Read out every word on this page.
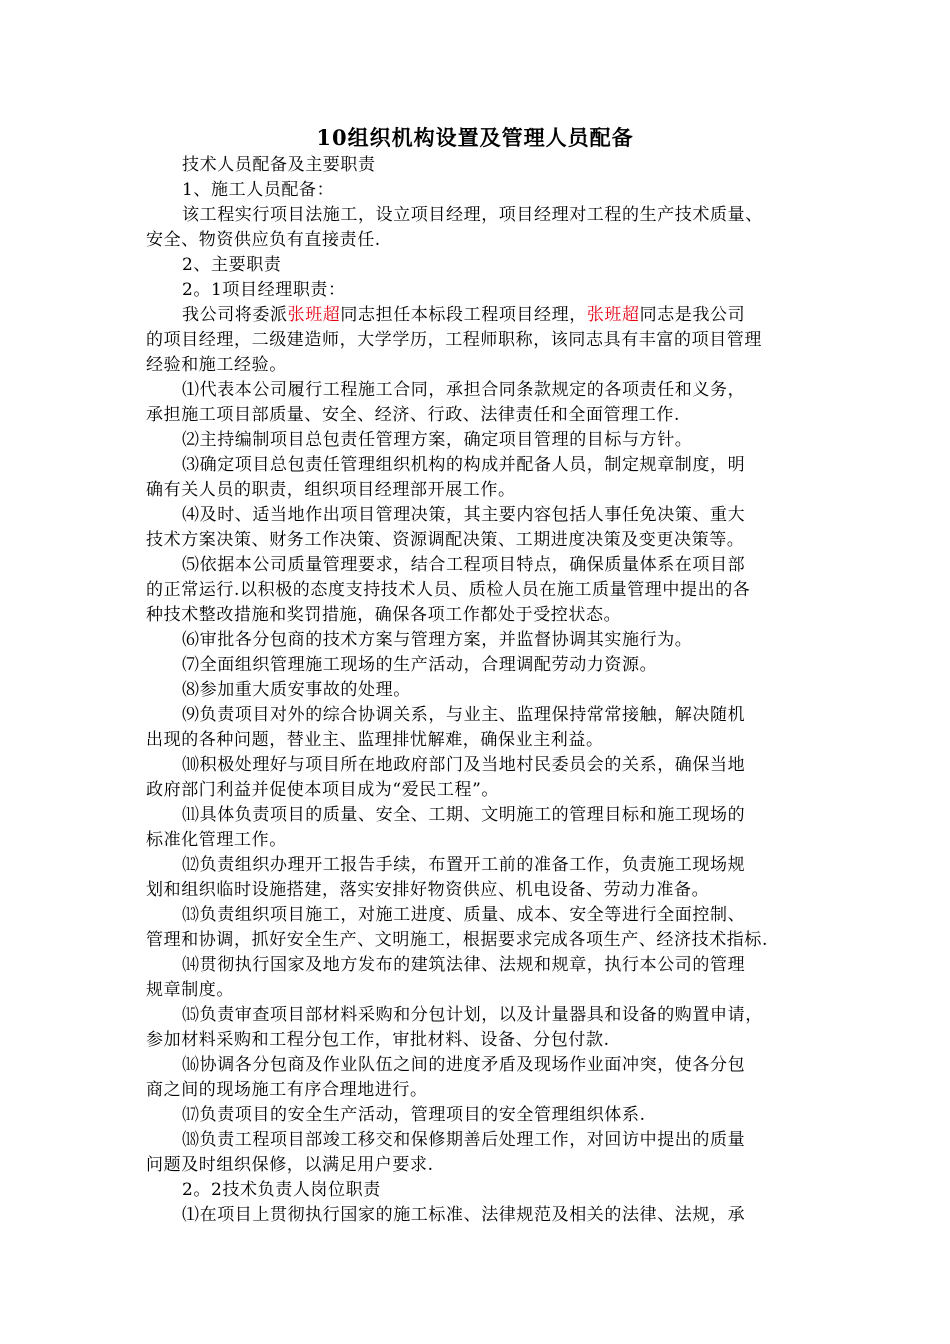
10组织机构设置及管理人员配备

技术人员配备及主要职责

1、施工人员配备：

该工程实行项目法施工，设立项目经理，项目经理对工程的生产技术质量、
安全、物资供应负有直接责任.

2、主要职责

2。1项目经理职责：

我公司将委派张班超同志担任本标段工程项目经理，张班超同志是我公司
的项目经理，二级建造师，大学学历，工程师职称，该同志具有丰富的项目管理
经验和施工经验。

⑴代表本公司履行工程施工合同，承担合同条款规定的各项责任和义务，
承担施工项目部质量、安全、经济、行政、法律责任和全面管理工作.

⑵主持编制项目总包责任管理方案，确定项目管理的目标与方针。

⑶确定项目总包责任管理组织机构的构成并配备人员，制定规章制度，明
确有关人员的职责，组织项目经理部开展工作。

⑷及时、适当地作出项目管理决策，其主要内容包括人事任免决策、重大
技术方案决策、财务工作决策、资源调配决策、工期进度决策及变更决策等。

⑸依据本公司质量管理要求，结合工程项目特点，确保质量体系在项目部
的正常运行.以积极的态度支持技术人员、质检人员在施工质量管理中提出的各
种技术整改措施和奖罚措施，确保各项工作都处于受控状态。

⑹审批各分包商的技术方案与管理方案，并监督协调其实施行为。

⑺全面组织管理施工现场的生产活动，合理调配劳动力资源。

⑻参加重大质安事故的处理。

⑼负责项目对外的综合协调关系，与业主、监理保持常常接触，解决随机
出现的各种问题，替业主、监理排忧解难，确保业主利益。

⑽积极处理好与项目所在地政府部门及当地村民委员会的关系，确保当地
政府部门利益并促使本项目成为“爱民工程”。

⑾具体负责项目的质量、安全、工期、文明施工的管理目标和施工现场的
标准化管理工作。

⑿负责组织办理开工报告手续，布置开工前的准备工作，负责施工现场规
划和组织临时设施搭建，落实安排好物资供应、机电设备、劳动力准备。

⒀负责组织项目施工，对施工进度、质量、成本、安全等进行全面控制、
管理和协调，抓好安全生产、文明施工，根据要求完成各项生产、经济技术指标.

⒁贯彻执行国家及地方发布的建筑法律、法规和规章，执行本公司的管理
规章制度。

⒂负责审查项目部材料采购和分包计划，以及计量器具和设备的购置申请，
参加材料采购和工程分包工作，审批材料、设备、分包付款.

⒃协调各分包商及作业队伍之间的进度矛盾及现场作业面冲突，使各分包
商之间的现场施工有序合理地进行。

⒄负责项目的安全生产活动，管理项目的安全管理组织体系.

⒅负责工程项目部竣工移交和保修期善后处理工作，对回访中提出的质量
问题及时组织保修，以满足用户要求.

2。2技术负责人岗位职责

⑴在项目上贯彻执行国家的施工标准、法律规范及相关的法律、法规，承
